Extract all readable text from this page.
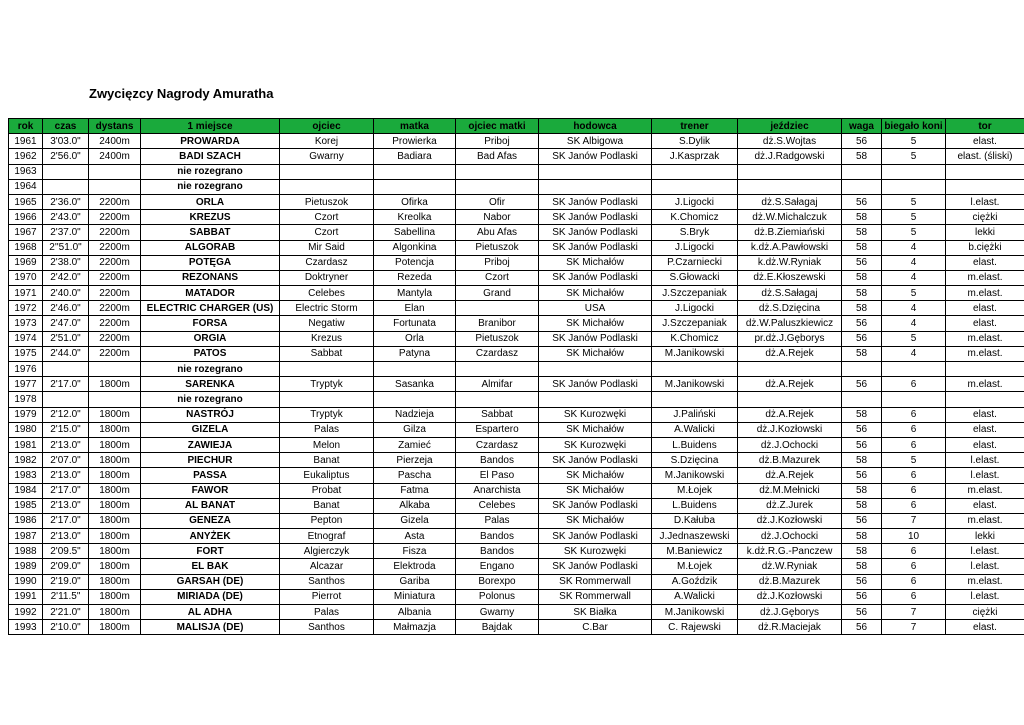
Zwycięzcy Nagrody Amuratha
rok	czas	dystans	1 miejsce	ojciec	matka	ojciec matki	hodowca	trener	jeździec	waga	biegało koni	tor
1961	3'03.0"	2400m	PROWARDA	Korej	Prowierka	Priboj	SK Albigowa	S.Dylik	dż.S.Wojtas	56	5	elast.
1962	2'56.0"	2400m	BADI SZACH	Gwarny	Badiara	Bad Afas	SK Janów Podlaski	J.Kasprzak	dż.J.Radgowski	58	5	elast. (śliski)
1963			nie rozegrano									
1964			nie rozegrano									
1965	2'36.0"	2200m	ORLA	Pietuszok	Ofirka	Ofir	SK Janów Podlaski	J.Ligocki	dż.S.Sałagaj	56	5	l.elast.
1966	2'43.0"	2200m	KREZUS	Czort	Kreolka	Nabor	SK Janów Podlaski	K.Chomicz	dż.W.Michalczuk	58	5	ciężki
1967	2'37.0"	2200m	SABBAT	Czort	Sabellina	Abu Afas	SK Janów Podlaski	S.Bryk	dż.B.Ziemiański	58	5	lekki
1968	2''51.0"	2200m	ALGORAB	Mir Said	Algonkina	Pietuszok	SK Janów Podlaski	J.Ligocki	k.dż.A.Pawłowski	58	4	b.ciężki
1969	2'38.0"	2200m	POTĘGA	Czardasz	Potencja	Priboj	SK Michałów	P.Czarniecki	k.dż.W.Ryniak	56	4	elast.
1970	2'42.0"	2200m	REZONANS	Doktryner	Rezeda	Czort	SK Janów Podlaski	S.Głowacki	dż.E.Kłoszewski	58	4	m.elast.
1971	2'40.0"	2200m	MATADOR	Celebes	Mantyla	Grand	SK Michałów	J.Szczepaniak	dż.S.Sałagaj	58	5	m.elast.
1972	2'46.0"	2200m	ELECTRIC CHARGER (US)	Electric Storm	Elan		USA	J.Ligocki	dż.S.Dzięcina	58	4	elast.
1973	2'47.0"	2200m	FORSA	Negatiw	Fortunata	Branibor	SK Michałów	J.Szczepaniak	dż.W.Paluszkiewicz	56	4	elast.
1974	2'51.0"	2200m	ORGIA	Krezus	Orla	Pietuszok	SK Janów Podlaski	K.Chomicz	pr.dż.J.Gęborys	56	5	m.elast.
1975	2'44.0"	2200m	PATOS	Sabbat	Patyna	Czardasz	SK Michałów	M.Janikowski	dż.A.Rejek	58	4	m.elast.
1976			nie rozegrano									
1977	2'17.0"	1800m	SARENKA	Tryptyk	Sasanka	Almifar	SK Janów Podlaski	M.Janikowski	dż.A.Rejek	56	6	m.elast.
1978			nie rozegrano									
1979	2'12.0"	1800m	NASTRÓJ	Tryptyk	Nadzieja	Sabbat	SK Kurozwęki	J.Paliński	dż.A.Rejek	58	6	elast.
1980	2'15.0"	1800m	GIZELA	Palas	Gilza	Espartero	SK Michałów	A.Walicki	dż.J.Kozłowski	56	6	elast.
1981	2'13.0"	1800m	ZAWIEJA	Melon	Zamieć	Czardasz	SK Kurozwęki	L.Buidens	dż.J.Ochocki	56	6	elast.
1982	2'07.0"	1800m	PIECHUR	Banat	Pierzeja	Bandos	SK Janów Podlaski	S.Dzięcina	dż.B.Mazurek	58	5	l.elast.
1983	2'13.0"	1800m	PASSA	Eukaliptus	Pascha	El Paso	SK Michałów	M.Janikowski	dż.A.Rejek	56	6	l.elast.
1984	2'17.0"	1800m	FAWOR	Probat	Fatma	Anarchista	SK Michałów	M.Łojek	dż.M.Mełnicki	58	6	m.elast.
1985	2'13.0"	1800m	AL BANAT	Banat	Alkaba	Celebes	SK Janów Podlaski	L.Buidens	dż.Z.Jurek	58	6	elast.
1986	2'17.0"	1800m	GENEZA	Pepton	Gizela	Palas	SK Michałów	D.Kałuba	dż.J.Kozłowski	56	7	m.elast.
1987	2'13.0"	1800m	ANYŻEK	Etnograf	Asta	Bandos	SK Janów Podlaski	J.Jednaszewski	dż.J.Ochocki	58	10	lekki
1988	2'09.5"	1800m	FORT	Algierczyk	Fisza	Bandos	SK Kurozwęki	M.Baniewicz	k.dż.R.G.-Panczew	58	6	l.elast.
1989	2'09.0"	1800m	EL BAK	Alcazar	Elektroda	Engano	SK Janów Podlaski	M.Łojek	dż.W.Ryniak	58	6	l.elast.
1990	2'19.0"	1800m	GARSAH (DE)	Santhos	Gariba	Borexpo	SK Rommerwall	A.Goździk	dż.B.Mazurek	56	6	m.elast.
1991	2'11.5"	1800m	MIRIADA (DE)	Pierrot	Miniatura	Polonus	SK Rommerwall	A.Walicki	dż.J.Kozłowski	56	6	l.elast.
1992	2'21.0"	1800m	AL ADHA	Palas	Albania	Gwarny	SK Białka	M.Janikowski	dż.J.Gęborys	56	7	ciężki
1993	2'10.0"	1800m	MALISJA (DE)	Santhos	Małmazja	Bajdak	C.Bar	C. Rajewski	dż.R.Maciejak	56	7	elast.
